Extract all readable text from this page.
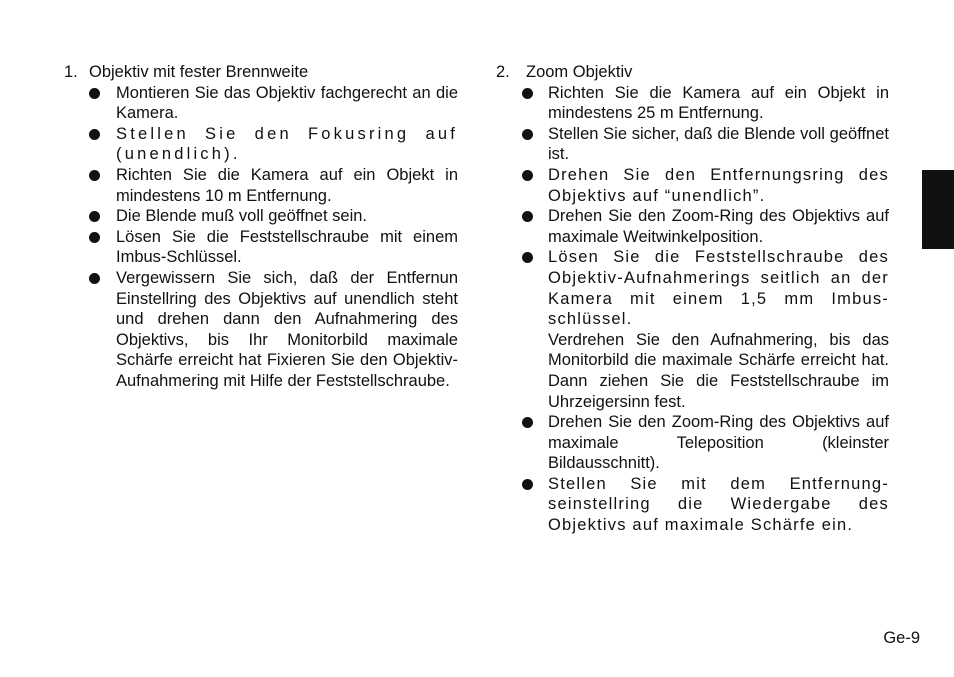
1. Objektiv mit fester Brennweite

Montieren Sie das Objektiv fachgerecht an die Kamera.
Stellen Sie den Fokusring auf (unendlich).
Richten Sie die Kamera auf ein Objekt in mindestens 10 m Entfernung.
Die Blende muß voll geöffnet sein.
Lösen Sie die Feststellschraube mit einem Imbus-Schlüssel.
Vergewissern Sie sich, daß der Entfernun Einstellring des Objektivs auf unendlich steht und drehen dann den Aufnahmering des Objektivs, bis Ihr Monitorbild maximale Schärfe erreicht hat Fixieren Sie den Objektiv-Aufnahmering mit Hilfe der Feststellschraube.

2. Zoom Objektiv

Richten Sie die Kamera auf ein Objekt in mindestens 25 m Entfernung.
Stellen Sie sicher, daß die Blende voll geöffnet ist.
Drehen Sie den Entfernungsring des Objektivs auf “unendlich”.
Drehen Sie den Zoom-Ring des Objektivs auf maximale Weitwinkelposition.
Lösen Sie die Feststellschraube des Objektiv-Aufnahmerings seitlich an der Kamera mit einem 1,5 mm Imbus-schlüssel.
Verdrehen Sie den Aufnahmering, bis das Monitorbild die maximale Schärfe erreicht hat. Dann ziehen Sie die Feststellschraube im Uhrzeigersinn fest.
Drehen Sie den Zoom-Ring des Objektivs auf maximale Teleposition (kleinster Bildausschnitt).
Stellen Sie mit dem Entfernung-seinstellring die Wiedergabe des Objektivs auf maximale Schärfe ein.
Ge-9
